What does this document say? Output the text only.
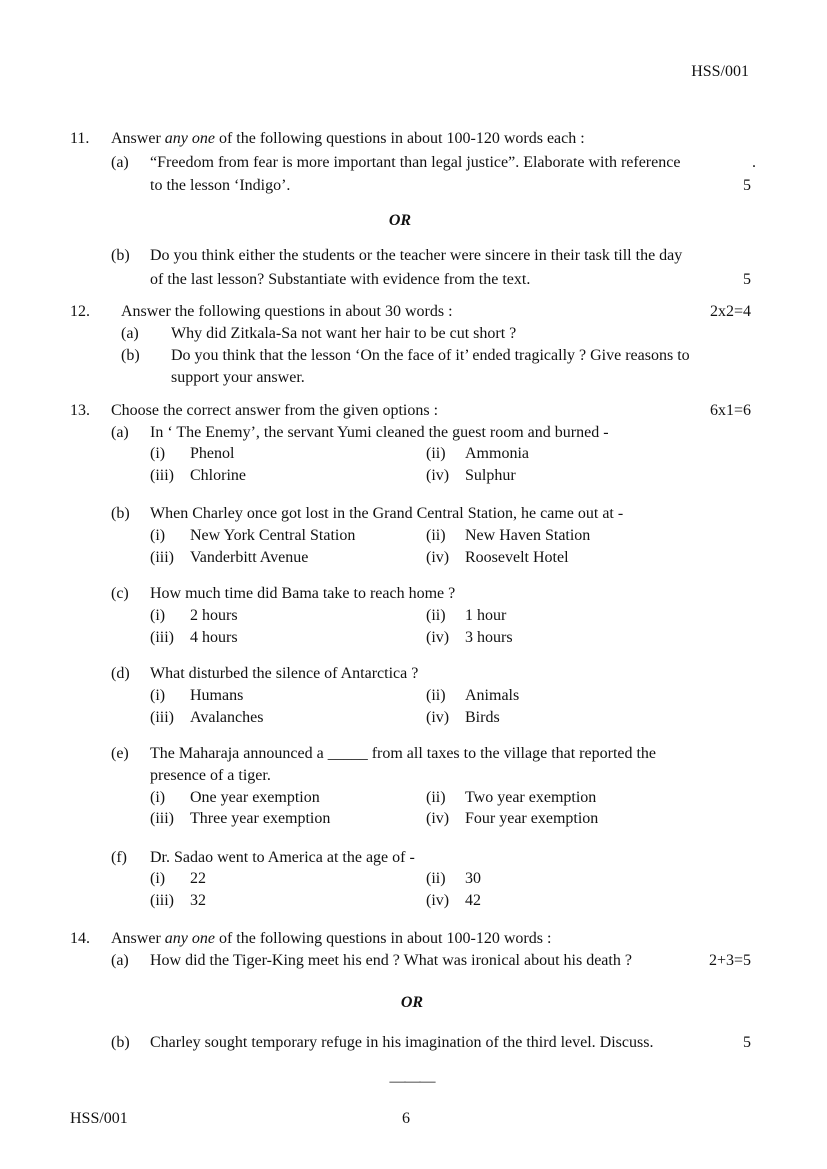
HSS/001
11. Answer any one of the following questions in about 100-120 words each :
(a) “Freedom from fear is more important than legal justice”. Elaborate with reference	.
to the lesson ‘Indigo’.	5
OR
(b) Do you think either the students or the teacher were sincere in their task till the day
of the last lesson? Substantiate with evidence from the text.	5
12. Answer the following questions in about 30 words :	2x2=4
(a) Why did Zitkala-Sa not want her hair to be cut short ?
(b) Do you think that the lesson ‘On the face of it’ ended tragically ? Give reasons to
support your answer.
13. Choose the correct answer from the given options :	6x1=6
(a) In ‘ The Enemy’, the servant Yumi cleaned the guest room and burned -
(i) Phenol	(ii) Ammonia
(iii) Chlorine	(iv) Sulphur
(b) When Charley once got lost in the Grand Central Station, he came out at -
(i) New York Central Station	(ii) New Haven Station
(iii) Vanderbitt Avenue	(iv) Roosevelt Hotel
(c) How much time did Bama take to reach home ?
(i) 2 hours	(ii) 1 hour
(iii) 4 hours	(iv) 3 hours
(d) What disturbed the silence of Antarctica ?
(i) Humans	(ii) Animals
(iii) Avalanches	(iv) Birds
(e) The Maharaja announced a _____ from all taxes to the village that reported the
presence of a tiger.
(i) One year exemption	(ii) Two year exemption
(iii) Three year exemption	(iv) Four year exemption
(f) Dr. Sadao went to America at the age of -
(i) 22	(ii) 30
(iii) 32	(iv) 42
14. Answer any one of the following questions in about 100-120 words :
(a) How did the Tiger-King meet his end ? What was ironical about his death ?	2+3=5
OR
(b) Charley sought temporary refuge in his imagination of the third level. Discuss.	5
———
HSS/001	6
